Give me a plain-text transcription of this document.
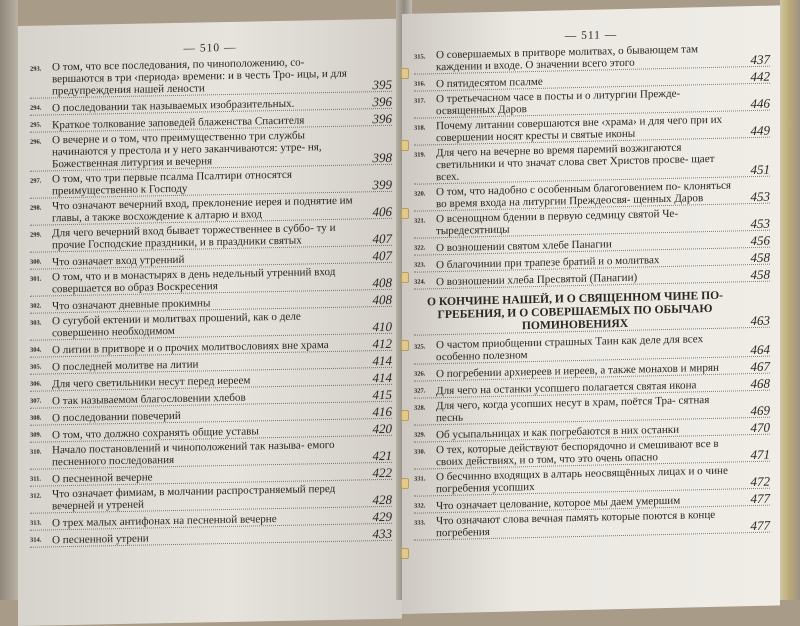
— 510 —
293. О том, что все последования, по чиноположению, со- вершаются в три ‹периода› времени: и в честь Тро- ицы, и для предупреждения нашей лености	395
294. О последовании так называемых изобразительных.	396
295. Краткое толкование заповедей блаженства Спасителя	396
296. О вечерне и о том, что преимущественно три службы начинаются у престола и у него заканчиваются: утре- ня, Божественная литургия и вечерня	398
297. О том, что три первые псалма Псалтири относятся преимущественно к Господу	399
298. Что означают вечерний вход, преклонение иерея и поднятие им главы, а также восхождение к алтарю и вход	406
299. Для чего вечерний вход бывает торжественнее в суббо- ту и прочие Господские праздники, и в праздники святых	407
300. Что означает вход утренний	407
301. О том, что и в монастырях в день недельный утренний вход совершается во образ Воскресения	408
302. Что означают дневные прокимны	408
303. О сугубой ектении и молитвах прошений, как о деле совершенно необходимом	410
304. О литии в притворе и о прочих молитвословиях вне храма	412
305. О последней молитве на литии	414
306. Для чего светильники несут перед иереем	414
307. О так называемом благословении хлебов	415
308. О последовании повечерий	416
309. О том, что должно сохранять общие уставы	420
310. Начало постановлений и чиноположений так называ- емого песненного последования	421
311. О песненной вечерне	422
312. Что означает фимиам, в молчании распространяемый перед вечерней и утреней	428
313. О трех малых антифонах на песненной вечерне	429
314. О песненной утрени	433
— 511 —
315. О совершаемых в притворе молитвах, о бывающем там каждении и входе. О значении всего этого	437
316. О пятидесятом псалме	442
317. О третьечасном часе в посты и о литургии Прежде- освященных Даров	446
318. Почему литании совершаются вне ‹храма› и для чего при их совершении носят кресты и святые иконы	449
319. Для чего на вечерне во время паремий возжигаются светильники и что значат слова свет Христов просве- щает всех.	451
320. О том, что надобно с особенным благоговением по- клоняться во время входа на литургии Преждеосвя- щенных Даров	453
321. О всенощном бдении в первую седмицу святой Че- тыредесятницы	453
322. О возношении святом хлебе Панагии	456
323. О благочинии при трапезе братий и о молитвах	458
324. О возношении хлеба Пресвятой (Панагии)	458
О КОНЧИНЕ НАШЕЙ, И О СВЯЩЕННОМ ЧИНЕ ПО- ГРЕБЕНИЯ, И О СОВЕРШАЕМЫХ ПО ОБЫЧАЮ ПОМИНОВЕНИЯХ	463
325. О частом приобщении страшных Таин как деле для всех особенно полезном	464
326. О погребении архиереев и иереев, а также монахов и мирян	467
327. Для чего на останки усопшего полагается святая икона	468
328. Для чего, когда усопших несут в храм, поётся Тра- сятная песнь	469
329. Об усыпальницах и как погребаются в них останки	470
330. О тех, которые действуют беспорядочно и смешивают все в своих действиях, и о том, что это очень опасно	471
331. О бесчинно входящих в алтарь неосвящённых лицах и о чине погребения усопших	472
332. Что означает целование, которое мы даем умершим	477
333. Что означают слова вечная память которые поются в конце погребения	477
